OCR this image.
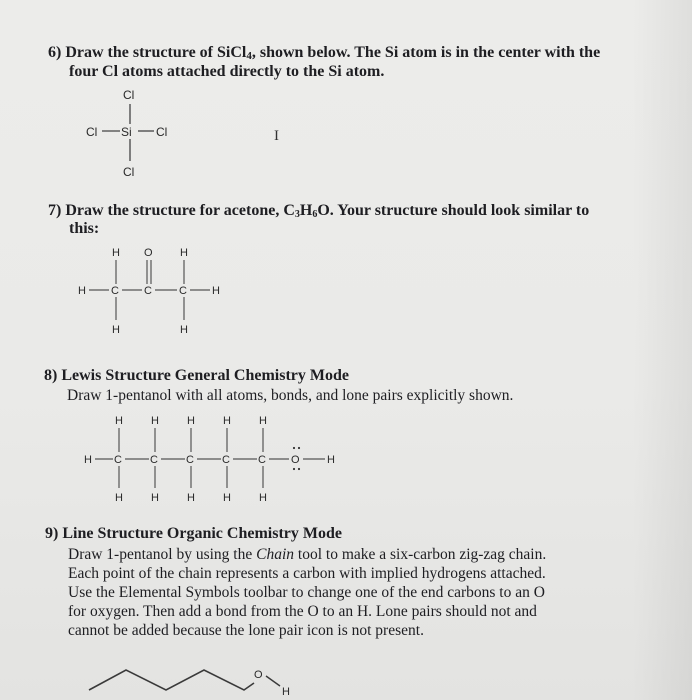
6) Draw the structure of SiCl4, shown below. The Si atom is in the center with the
four Cl atoms attached directly to the Si atom.
Cl
Cl Si Cl
Cl
I
7) Draw the structure for acetone, C3H6O. Your structure should look similar to
this:
H O H
H C C C H
H	H
8) Lewis Structure General Chemistry Mode
Draw 1-pentanol with all atoms, bonds, and lone pairs explicitly shown.
H	H	H	H	H
H C	C	C	C	C O H
H	H	H	H	H
9) Line Structure Organic Chemistry Mode
Draw 1-pentanol by using the Chain tool to make a six-carbon zig-zag chain.
Each point of the chain represents a carbon with implied hydrogens attached.
Use the Elemental Symbols toolbar to change one of the end carbons to an O
for oxygen. Then add a bond from the O to an H. Lone pairs should not and
cannot be added because the lone pair icon is not present.
O
H
